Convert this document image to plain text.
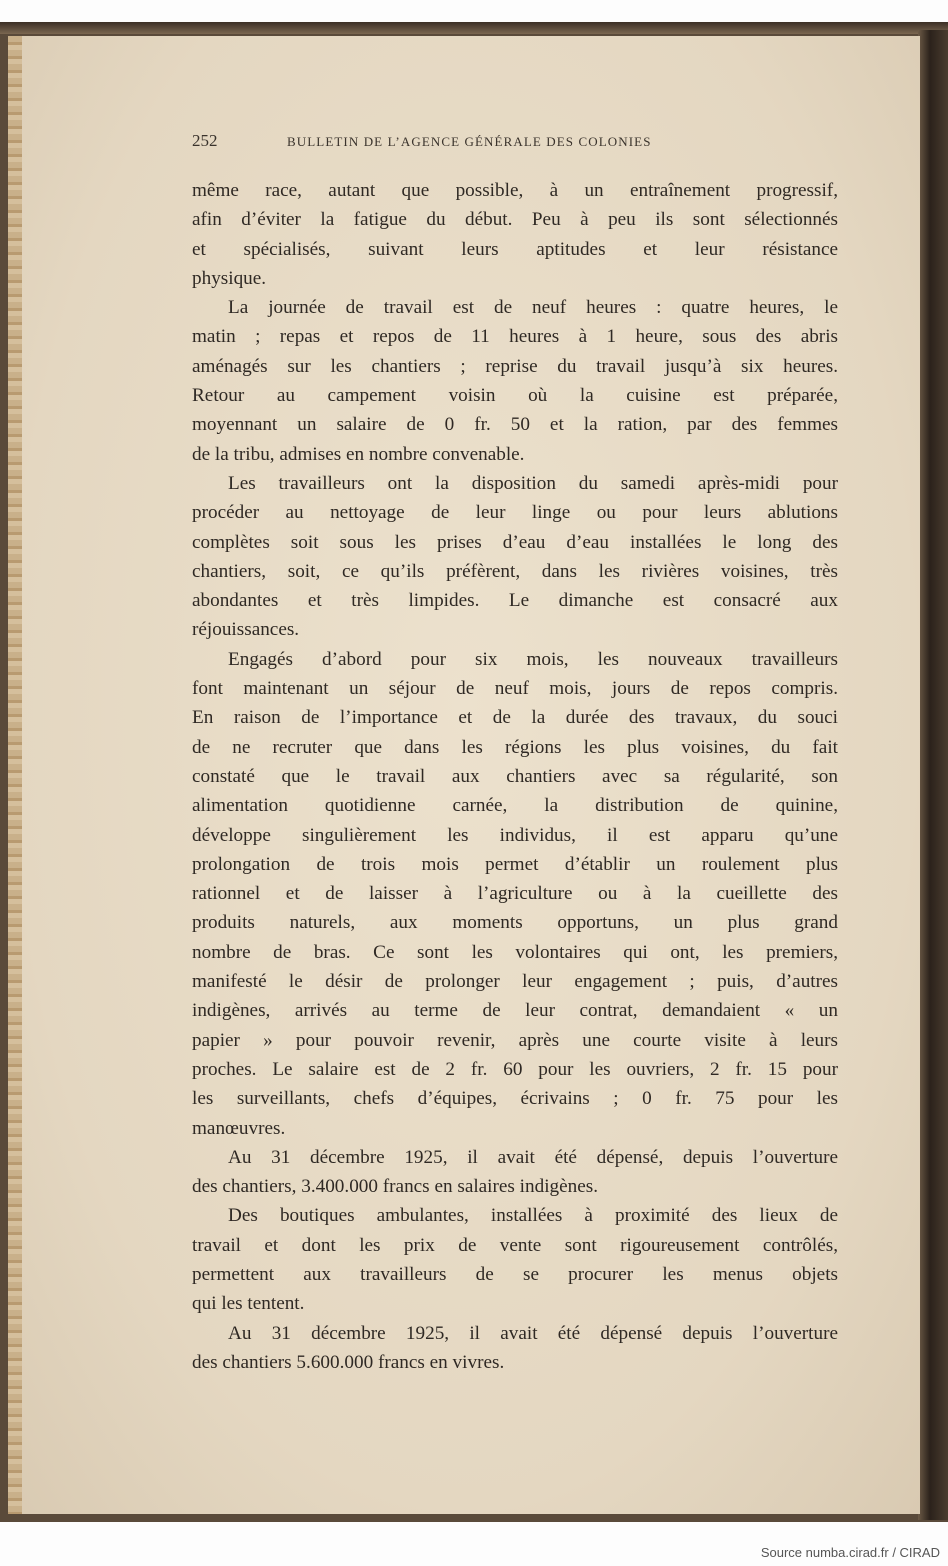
252	BULLETIN DE L’AGENCE GÉNÉRALE DES COLONIES
même race, autant que possible, à un entraînement progressif,
afin d’éviter la fatigue du début. Peu à peu ils sont sélectionnés
et spécialisés, suivant leurs aptitudes et leur résistance
physique.
La journée de travail est de neuf heures : quatre heures, le
matin ; repas et repos de 11 heures à 1 heure, sous des abris
aménagés sur les chantiers ; reprise du travail jusqu’à six heures.
Retour au campement voisin où la cuisine est préparée,
moyennant un salaire de 0 fr. 50 et la ration, par des femmes
de la tribu, admises en nombre convenable.
Les travailleurs ont la disposition du samedi après-midi pour
procéder au nettoyage de leur linge ou pour leurs ablutions
complètes soit sous les prises d’eau d’eau installées le long des
chantiers, soit, ce qu’ils préfèrent, dans les rivières voisines, très
abondantes et très limpides. Le dimanche est consacré aux
réjouissances.
Engagés d’abord pour six mois, les nouveaux travailleurs
font maintenant un séjour de neuf mois, jours de repos compris.
En raison de l’importance et de la durée des travaux, du souci
de ne recruter que dans les régions les plus voisines, du fait
constaté que le travail aux chantiers avec sa régularité, son
alimentation quotidienne carnée, la distribution de quinine,
développe singulièrement les individus, il est apparu qu’une
prolongation de trois mois permet d’établir un roulement plus
rationnel et de laisser à l’agriculture ou à la cueillette des
produits naturels, aux moments opportuns, un plus grand
nombre de bras. Ce sont les volontaires qui ont, les premiers,
manifesté le désir de prolonger leur engagement ; puis, d’autres
indigènes, arrivés au terme de leur contrat, demandaient « un
papier » pour pouvoir revenir, après une courte visite à leurs
proches. Le salaire est de 2 fr. 60 pour les ouvriers, 2 fr. 15 pour
les surveillants, chefs d’équipes, écrivains ; 0 fr. 75 pour les
manœuvres.
Au 31 décembre 1925, il avait été dépensé, depuis l’ouverture
des chantiers, 3.400.000 francs en salaires indigènes.
Des boutiques ambulantes, installées à proximité des lieux de
travail et dont les prix de vente sont rigoureusement contrôlés,
permettent aux travailleurs de se procurer les menus objets
qui les tentent.
Au 31 décembre 1925, il avait été dépensé depuis l’ouverture
des chantiers 5.600.000 francs en vivres.
Source numba.cirad.fr / CIRAD
